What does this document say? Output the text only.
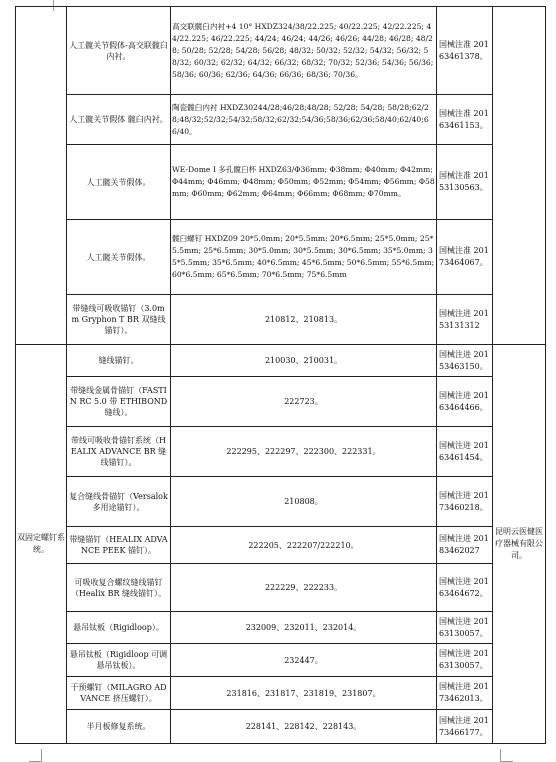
	人工髋关节假体-高交联髋臼内衬。	高交联髋臼内衬+4 10° HXDZ324/38/22.225; 40/22.225; 42/22.225; 44/22.225; 46/22.225; 44/24; 46/24; 44/26; 46/26; 44/28; 46/28; 48/28; 50/28; 52/28; 54/28; 56/28; 48/32; 50/32; 52/32; 54/32; 56/32; 58/32; 60/32; 62/32; 64/32; 66/32; 68/32; 70/32; 52/36; 54/36; 56/36; 58/36; 60/36; 62/36; 64/36; 66/36; 68/36; 70/36。	国械注准 20163461378。	
	人工髋关节假体 髋臼内衬。	陶瓷髋臼内衬 HXDZ30244/28;46/28;48/28; 52/28; 54/28; 58/28;62/28;48/32;52/32;54/32;58/32;62/32;54/36;58/36;62/36;58/40;62/40;66/40。	国械注准 20163461153。	
	人工髋关节假体。	WE-Dome I 多孔髋臼杯 HXDZ63/Φ36mm; Φ38mm; Φ40mm; Φ42mm; Φ44mm; Φ46mm; Φ48mm; Φ50mm; Φ52mm; Φ54mm; Φ56mm; Φ58mm; Φ60mm; Φ62mm; Φ64mm; Φ66mm; Φ68mm; Φ70mm。	国械注准 20153130563。	
	人工髋关节假体。	髋臼螺钉 HXDZ09 20*5.0mm; 20*5.5mm; 20*6.5mm; 25*5.0mm; 25*5.5mm; 25*6.5mm; 30*5.0mm; 30*5.5mm; 30*6.5mm; 35*5.0mm; 35*5.5mm; 35*6.5mm; 40*6.5mm; 45*6.5mm; 50*6.5mm; 55*6.5mm; 60*6.5mm; 65*6.5mm; 70*6.5mm; 75*6.5mm	国械注准 20173464067。	
	带缝线可吸收锚钉（3.0mm Gryphon T BR 双缝线锚钉）。	210812、210813。	国械注进 20153131312	
双固定螺钉系统。	缝线锚钉。	210030、210031。	国械注进 20153463150。	昆明云医健医疗器械有限公司。
	带缝线金属骨锚钉（FASTIN RC 5.0 带 ETHIBOND 缝线）。	222723。	国械注进 20163464466。	
	带线可吸收骨锚钉系统（HEALIX ADVANCE BR 缝线锚钉）。	222295、222297、222300、222331。	国械注进 20163461454。	
	复合缝线骨锚钉（Versalok 多用途锚钉）。	210808。	国械注进 20173460218。	
	带缝锚钉（HEALIX ADVANCE PEEK 锚钉）。	222205、222207/222210。	国械注进 20183462027	
	可吸收复合螺纹缝线锚钉（Healix BR 缝线锚钉）。	222229、222233。	国械注进 20163464672。	
	悬吊钛板（Rigidloop）。	232009、232011、232014。	国械注进 20163130057。	
	悬吊钛板（Rigidloop 可调悬吊钛板）。	232447。	国械注进 20163130057。	
	干预螺钉（MILAGRO ADVANCE 挤压螺钉）。	231816、231817、231819、231807。	国械注进 20173462013。	
	半月板修复系统。	228141、228142、228143。	国械注进 20173466177。	
